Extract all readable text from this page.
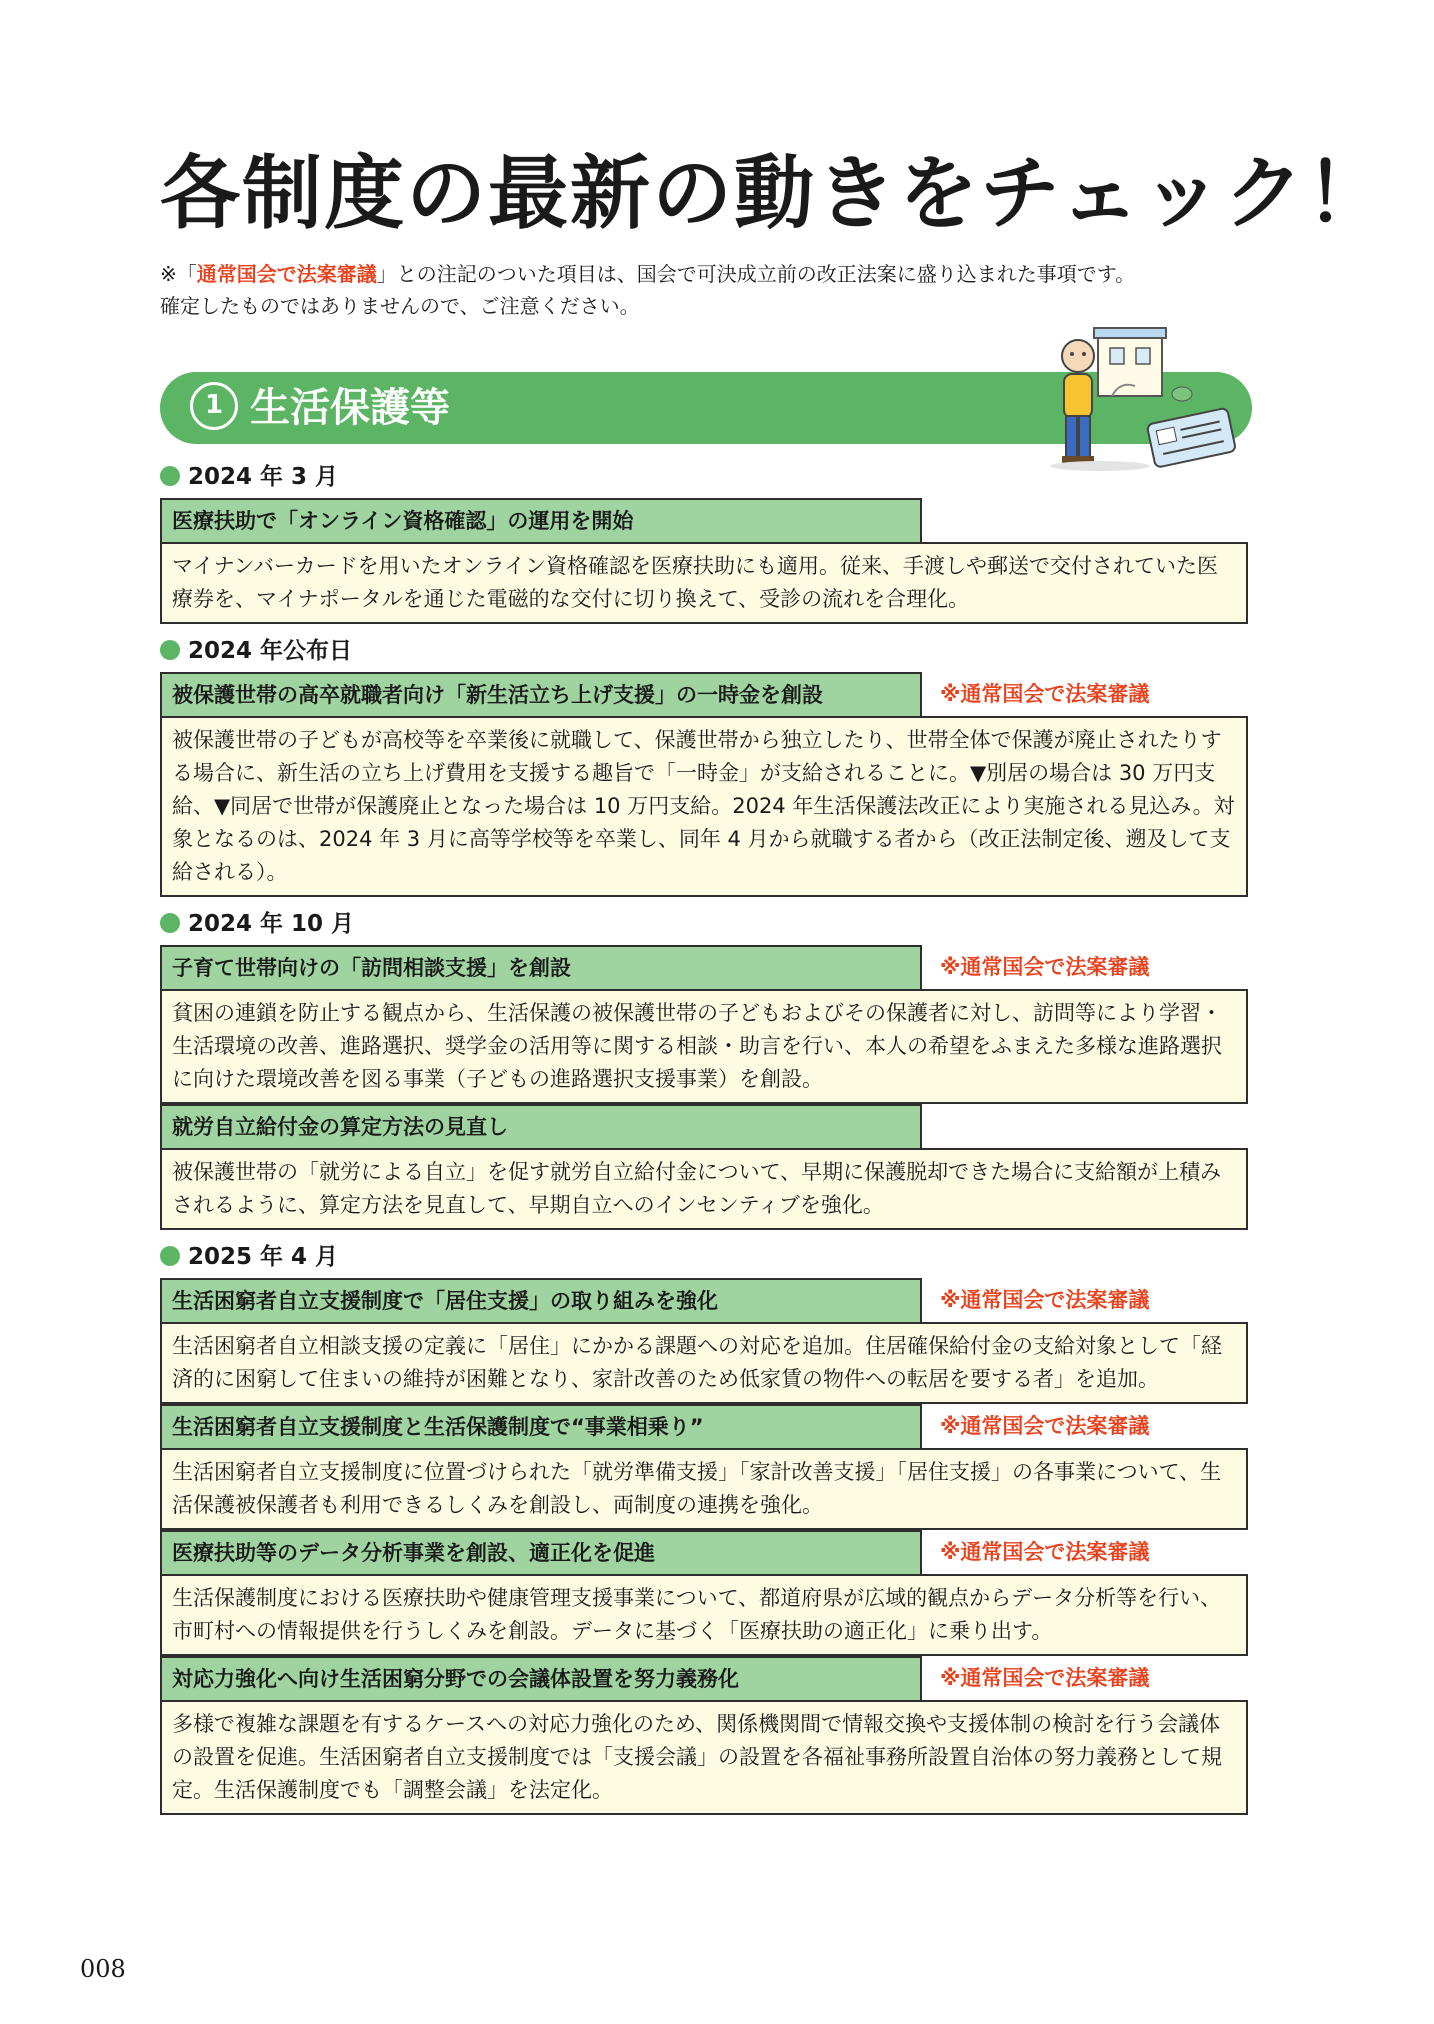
各制度の最新の動きをチェック！
※「通常国会で法案審議」との注記のついた項目は、国会で可決成立前の改正法案に盛り込まれた事項です。
確定したものではありませんので、ご注意ください。
1 生活保護等
2024 年 3 月
医療扶助で「オンライン資格確認」の運用を開始
マイナンバーカードを用いたオンライン資格確認を医療扶助にも適用。従来、手渡しや郵送で交付されていた医療券を、マイナポータルを通じた電磁的な交付に切り換えて、受診の流れを合理化。
2024 年公布日
被保護世帯の高卒就職者向け「新生活立ち上げ支援」の一時金を創設	※通常国会で法案審議
被保護世帯の子どもが高校等を卒業後に就職して、保護世帯から独立したり、世帯全体で保護が廃止されたりする場合に、新生活の立ち上げ費用を支援する趣旨で「一時金」が支給されることに。▼別居の場合は 30 万円支給、▼同居で世帯が保護廃止となった場合は 10 万円支給。2024 年生活保護法改正により実施される見込み。対象となるのは、2024 年 3 月に高等学校等を卒業し、同年 4 月から就職する者から（改正法制定後、遡及して支給される）。
2024 年 10 月
子育て世帯向けの「訪問相談支援」を創設	※通常国会で法案審議
貧困の連鎖を防止する観点から、生活保護の被保護世帯の子どもおよびその保護者に対し、訪問等により学習・生活環境の改善、進路選択、奨学金の活用等に関する相談・助言を行い、本人の希望をふまえた多様な進路選択に向けた環境改善を図る事業（子どもの進路選択支援事業）を創設。
就労自立給付金の算定方法の見直し
被保護世帯の「就労による自立」を促す就労自立給付金について、早期に保護脱却できた場合に支給額が上積みされるように、算定方法を見直して、早期自立へのインセンティブを強化。
2025 年 4 月
生活困窮者自立支援制度で「居住支援」の取り組みを強化	※通常国会で法案審議
生活困窮者自立相談支援の定義に「居住」にかかる課題への対応を追加。住居確保給付金の支給対象として「経済的に困窮して住まいの維持が困難となり、家計改善のため低家賃の物件への転居を要する者」を追加。
生活困窮者自立支援制度と生活保護制度で“事業相乗り”	※通常国会で法案審議
生活困窮者自立支援制度に位置づけられた「就労準備支援」「家計改善支援」「居住支援」の各事業について、生活保護被保護者も利用できるしくみを創設し、両制度の連携を強化。
医療扶助等のデータ分析事業を創設、適正化を促進	※通常国会で法案審議
生活保護制度における医療扶助や健康管理支援事業について、都道府県が広域的観点からデータ分析等を行い、市町村への情報提供を行うしくみを創設。データに基づく「医療扶助の適正化」に乗り出す。
対応力強化へ向け生活困窮分野での会議体設置を努力義務化	※通常国会で法案審議
多様で複雑な課題を有するケースへの対応力強化のため、関係機関間で情報交換や支援体制の検討を行う会議体の設置を促進。生活困窮者自立支援制度では「支援会議」の設置を各福祉事務所設置自治体の努力義務として規定。生活保護制度でも「調整会議」を法定化。
008
